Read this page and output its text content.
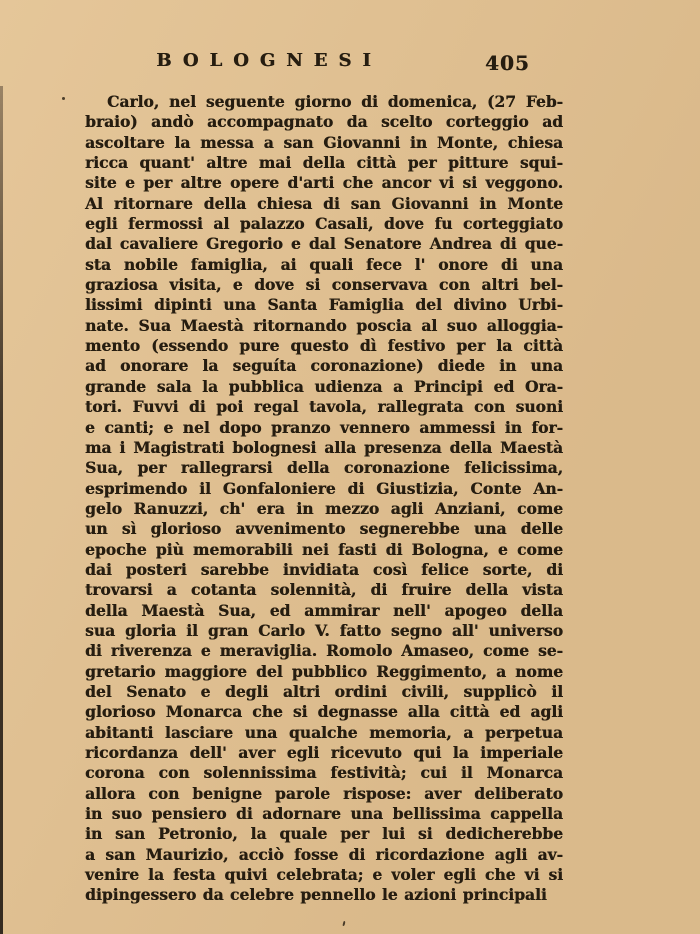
BOLOGNESI	405
Carlo, nel seguente giorno di domenica, (27 Feb-
braio) andò accompagnato da scelto corteggio ad
ascoltare la messa a san Giovanni in Monte, chiesa
ricca quant' altre mai della città per pitture squi-
site e per altre opere d'arti che ancor vi si veggono.
Al ritornare della chiesa di san Giovanni in Monte
egli fermossi al palazzo Casali, dove fu corteggiato
dal cavaliere Gregorio e dal Senatore Andrea di que-
sta nobile famiglia, ai quali fece l' onore di una
graziosa visita, e dove si conservava con altri bel-
lissimi dipinti una Santa Famiglia del divino Urbi-
nate. Sua Maestà ritornando poscia al suo alloggia-
mento (essendo pure questo dì festivo per la città
ad onorare la seguíta coronazione) diede in una
grande sala la pubblica udienza a Principi ed Ora-
tori. Fuvvi di poi regal tavola, rallegrata con suoni
e canti; e nel dopo pranzo vennero ammessi in for-
ma i Magistrati bolognesi alla presenza della Maestà
Sua, per rallegrarsi della coronazione felicissima,
esprimendo il Gonfaloniere di Giustizia, Conte An-
gelo Ranuzzi, ch' era in mezzo agli Anziani, come
un sì glorioso avvenimento segnerebbe una delle
epoche più memorabili nei fasti di Bologna, e come
dai posteri sarebbe invidiata così felice sorte, di
trovarsi a cotanta solennità, di fruire della vista
della Maestà Sua, ed ammirar nell' apogeo della
sua gloria il gran Carlo V. fatto segno all' universo
di riverenza e meraviglia. Romolo Amaseo, come se-
gretario maggiore del pubblico Reggimento, a nome
del Senato e degli altri ordini civili, supplicò il
glorioso Monarca che si degnasse alla città ed agli
abitanti lasciare una qualche memoria, a perpetua
ricordanza dell' aver egli ricevuto qui la imperiale
corona con solennissima festività; cui il Monarca
allora con benigne parole rispose: aver deliberato
in suo pensiero di adornare una bellissima cappella
in san Petronio, la quale per lui si dedicherebbe
a san Maurizio, acciò fosse di ricordazione agli av-
venire la festa quivi celebrata; e voler egli che vi si
dipingessero da celebre pennello le azioni principali
